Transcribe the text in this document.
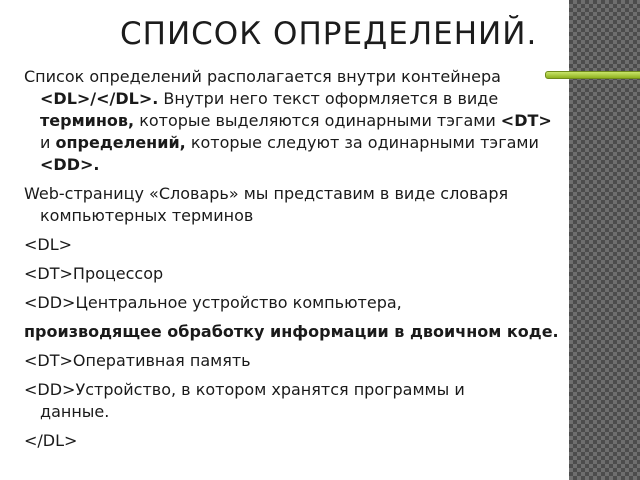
СПИСОК ОПРЕДЕЛЕНИЙ.
Список определений располагается внутри контейнера
<DL>/</DL>. Внутри него текст оформляется в виде
терминов, которые выделяются одинарными тэгами <DT>
и определений, которые следуют за одинарными тэгами
<DD>.
Web-страницу «Словарь» мы представим в виде словаря
компьютерных терминов
<DL>
<DT>Процессор
<DD>Центральное устройство компьютера,
производящее обработку информации в двоичном коде.
<DT>Оперативная память
<DD>Устройство, в котором хранятся программы и
данные.
</DL>
